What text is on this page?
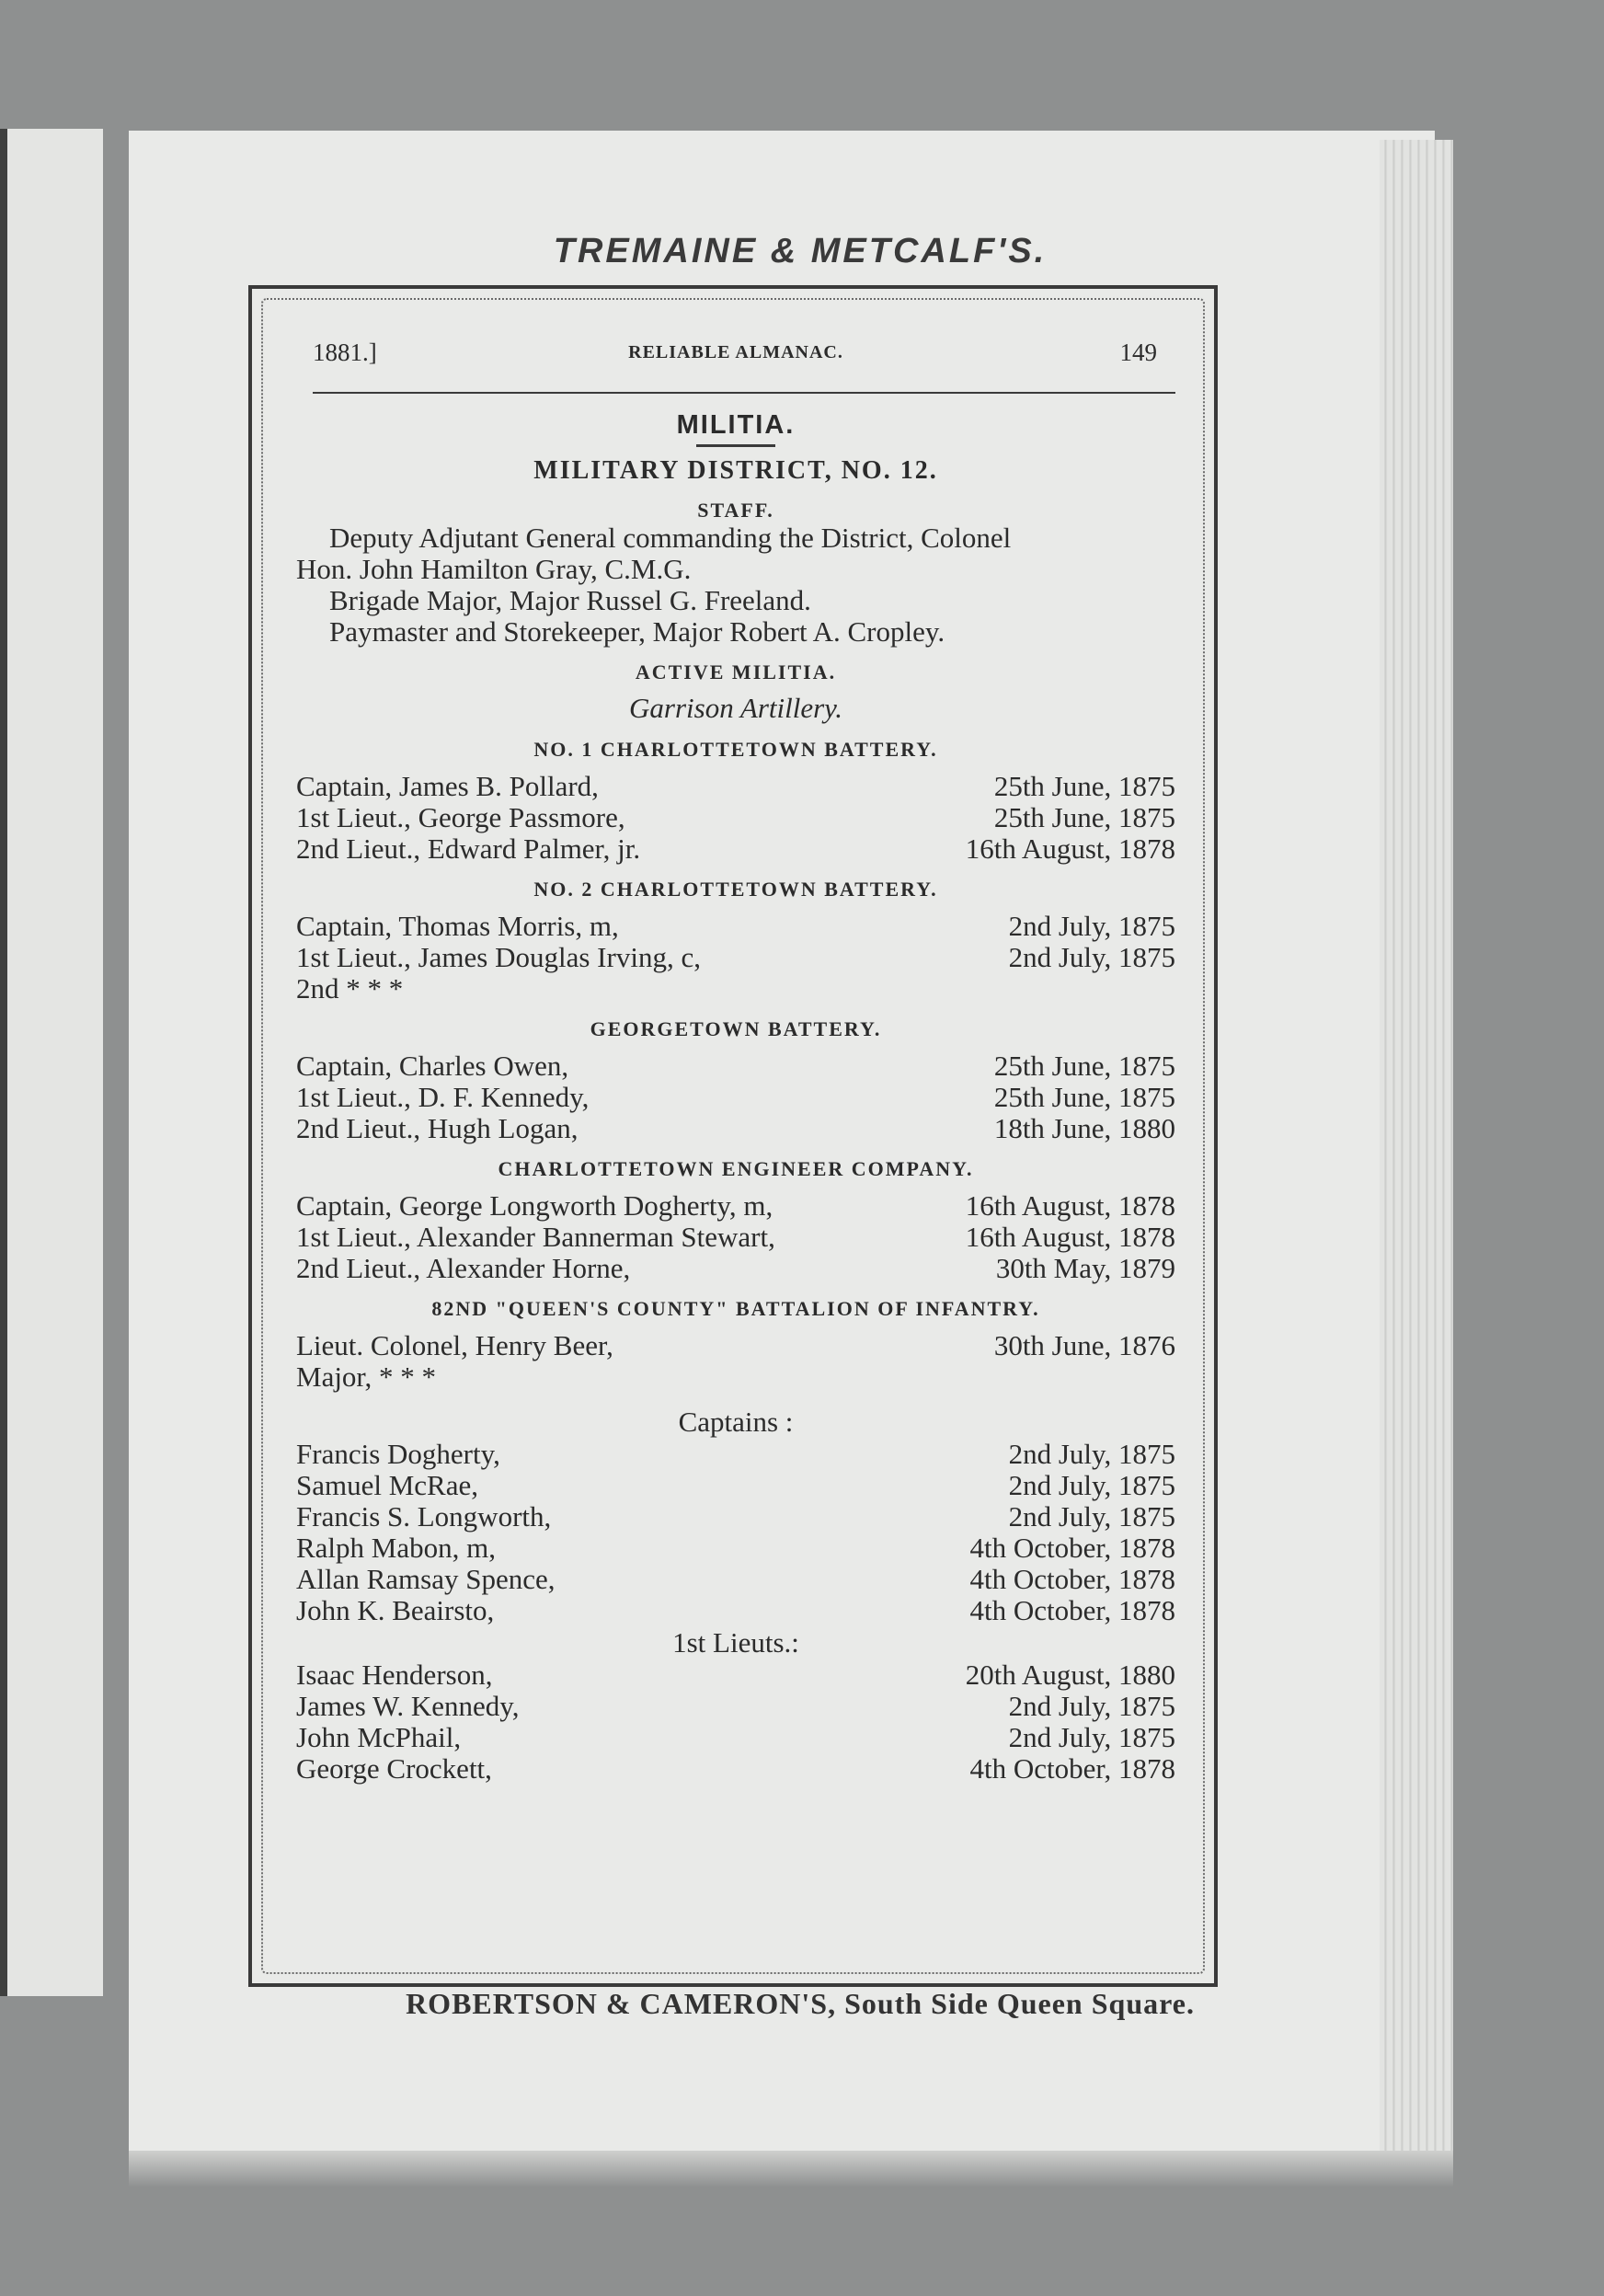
TREMAINE & METCALF'S.
1881.]	RELIABLE ALMANAC.	149
MILITIA.
MILITARY DISTRICT, NO. 12.
STAFF.
Deputy Adjutant General commanding the District, Colonel
Hon. John Hamilton Gray, C.M.G.
Brigade Major, Major Russel G. Freeland.
Paymaster and Storekeeper, Major Robert A. Cropley.
ACTIVE MILITIA.
Garrison Artillery.
NO. 1 CHARLOTTETOWN BATTERY.
Captain, James B. Pollard,	25th June, 1875
1st Lieut., George Passmore,	25th June, 1875
2nd Lieut., Edward Palmer, jr.	16th August, 1878
NO. 2 CHARLOTTETOWN BATTERY.
Captain, Thomas Morris, m,	2nd July, 1875
1st Lieut., James Douglas Irving, c,	2nd July, 1875
2nd * * *
GEORGETOWN BATTERY.
Captain, Charles Owen,	25th June, 1875
1st Lieut., D. F. Kennedy,	25th June, 1875
2nd Lieut., Hugh Logan,	18th June, 1880
CHARLOTTETOWN ENGINEER COMPANY.
Captain, George Longworth Dogherty, m,	16th August, 1878
1st Lieut., Alexander Bannerman Stewart,	16th August, 1878
2nd Lieut., Alexander Horne,	30th May, 1879
82ND "QUEEN'S COUNTY" BATTALION OF INFANTRY.
Lieut. Colonel, Henry Beer,	30th June, 1876
Major, * * *
Captains :
Francis Dogherty,	2nd July, 1875
Samuel McRae,	2nd July, 1875
Francis S. Longworth,	2nd July, 1875
Ralph Mabon, m,	4th October, 1878
Allan Ramsay Spence,	4th October, 1878
John K. Beairsto,	4th October, 1878
1st Lieuts.:
Isaac Henderson,	20th August, 1880
James W. Kennedy,	2nd July, 1875
John McPhail,	2nd July, 1875
George Crockett,	4th October, 1878
ROBERTSON & CAMERON'S, South Side Queen Square.
